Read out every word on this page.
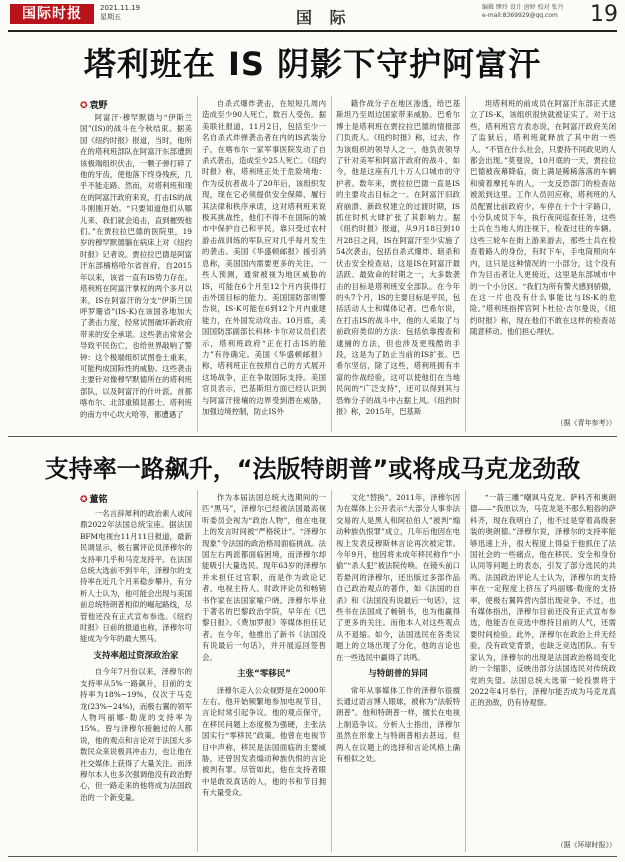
国际时报	2021.11.19
星期五	国 际
编辑 缪玲 设计 唐婷 校对 张丹
e-mail:8369929@qq.com 19
塔利班在 IS 阴影下守护阿富汗
✪ 袁野

阿富汗·穆罕默德与“伊斯兰国”(IS)的战斗在今秋结束。据美国《纽约时报》报道，当时，他所在的塔利班部队在阿富汗东部遭到该极端组织伏击，一颗子弹打碎了他的牙齿，使他落下终身残疾，几乎不能走路。然而，对塔利班和现在的阿富汗政府来说，打击IS的战斗刚刚开始。“只要知道他们从哪儿来，我们就会追击，直到摧毁他们。”在贾拉拉巴德的医院里，19岁的穆罕默德躺在病床上对《纽约时报》记者说。贾拉拉巴德是阿富汗东部楠格哈尔省首府，自2015年以来，该省一直有IS势力存在。塔利班在阿富汗掌权的两个多月以来，IS在阿富汗的分支“伊斯兰国呼罗珊省”(IS-K)在该国各地加大了袭击力度，经常试图破坏新政府带来的安全承诺。这些袭击常常会导致平民伤亡，也给世界敲响了警钟：这个极端组织试图卷土重来，可能构成国际性的威胁。这些袭击主要针对像穆罕默德所在的塔利班部队，以及阿富汗的什叶派。首都喀布尔、北部重镇昆都士、塔利班的南方中心坎大哈等，都遭遇了

自杀式爆炸袭击，在短短几周内造成至少90人死亡，数百人受伤。据美联社报道，11月2日，包括至少一名自杀式炸弹袭击者在内的IS武装分子，在喀布尔一家军事医院发动了自杀式袭击，造成至少25人死亡。《纽约时报》称，塔利班正处于危险境地：作为反抗者战斗了20年后，该组织发现，现在它必须提供安全保障、履行其法律和秩序承诺，这对塔利班来说极其挑战性，他们不得不在国际的城市中保护自己和平民，靠只受过农村游击战训练的军队应对几乎每月发生的袭击。美国《华盛顿邮报》援引消息称，美国国内需要更多的关注，一些人预测，通常被视为地区威胁的IS，可能在6个月至12个月内获得打击外国目标的能力。美国国防部则警告说，IS-K可能在6到12个月内重建能力，在外国发动攻击。10月底，美国国防部副部长科林·卡尔对议员们表示，塔利班政府“正在打击IS的能力”有待确定。美国《华盛顿邮报》称，塔利班正在按照自己的方式展开这场战争，正在争取国际支持。美国官员表示，巴基斯坦方面已经认识到与阿富汗接壤的边界受到潜在威胁，加强边境控制，防止IS外

籍作战分子在地区渗透，给巴基斯坦乃至周边国家带来威胁。巴希尔博士是塔利班在贾拉拉巴德的情报部门负责人。《纽约时报》称，过去，作为该组织的领导人之一，他负责领导了针对美军和阿富汗政府的战斗，如今，他是这座有几十万人口城市的守护者。数年来，贾拉拉巴德一直是IS的主要攻击目标之一。在阿富汗旧政府崩溃、新政权建立的过渡时期，IS抓住时机大肆扩张了其影响力。据《纽约时报》报道，从9月18日到10月28日之间，IS在阿富汗至少实施了54次袭击，包括自杀式爆炸、暗杀和伏击安全检查站，这是IS在阿富汗最活跃、最致命的时期之一，大多数袭击的目标是塔利班安全部队。在今年的头7个月，IS的主要目标是平民，包括活动人士和媒体记者。巴希尔说，在打击IS的战斗中，他的人采取了与前政府类似的方法：包括依靠搜查和逮捕的方法，但也涉及更残酷的手段，这是为了防止当前的IS扩张。巴希尔坚信，除了这些，塔利班拥有丰富的作战经验，这可以使他们在当地民间的“广泛支持”，还可以得到其与恐怖分子的战斗中占据上风。《纽约时报》称，2015年，巴基斯

坦塔利班的前成员在阿富汗东部正式建立了IS-K，该组织很快就被证实了。对于这些，塔利班官方表态说，在阿富汗政府关闭了监狱后，塔利班就释放了其中的一些人。“不管在什么社会，只要持不同政见的人都会出现。”莫曼说，10月底的一天，贾拉拉巴德被夜幕降临，街上满是稀稀落落的车辆和骑着摩托车的人，一支反恐部门的检查站被派到这里。工作人员回应称，塔利班的人员配置比前政府少。车停在十个十字路口，小分队成员下车，执行夜间巡查任务，这些士兵在当地人的注视下，检查过往的车辆。这些三轮车在街上游来游去，那些士兵在检查着路人的身份，有时下车，手电筒照向车内，这只是这种情况的一小部分，这个没有作为目击者让人更接近，这里是东部城市中的一个小分区。“我们为所有警犬感到骄傲，在这一片也没有什么事能比与IS-K的危险。”塔利班指挥官阿卜杜拉·吉尔曼说，《纽约时报》称，现在他们不敢在这样的检查站随意移动。他们担心埋伏。

（据《青年参考》）
支持率一路飙升，“法版特朗普”或将成马克龙劲敌
✪ 董铭

一名言辞犀利的政治素人或问鼎2022年法国总统宝座。据法国BFM电视台11月11日报道，最新民调显示，极右翼评论员泽穆尔的支持率几乎和马克龙持平。在法国总统大选前不到半年，泽穆尔的支持率在近几个月来稳步攀升，有分析人士认为，他可能会出现与美国前总统特朗普相似的崛起路线，尽管他还没有正式宣布参选。《纽约时报》日前的报道也称，泽穆尔可能成为今年的最大黑马。

支持率超过资深政治家

自今年7月份以来，泽穆尔的支持率从5%一路飙升，目前的支持率为18%~19%，仅次于马克龙(23%~24%)，而极右翼的领军人物玛丽娜·勒庞的支持率为15%。曾与泽穆尔接触过的人都说，他的观点和言论对于法国大多数民众来说极具冲击力，也让他在社交媒体上获得了大量关注。而泽穆尔本人也多次强调他没有政治野心，但一路走来的他将成为法国政治的一个新变量。

作为本届法国总统大选期间的一匹“黑马”，泽穆尔已经被法国最高视听委员会视为“政治人物”，他在电视上的发言时间被“严格统计”。“泽穆尔现象”令法国的政治格局面临挑战。法国左右两派都面临困境，而泽穆尔却能吸引大量选民。现年63岁的泽穆尔并未担任过官职，而是作为政论记者、电视主持人、时政评论员和畅销书作家在法国家喻户晓。泽穆尔毕业于著名的巴黎政治学院，早年在《巴黎日报》、《费加罗报》等媒体担任记者。在今年，他推出了新书《法国没有说最后一句话》，并开展巡回签售会。

主张“零移民”

泽穆尔走入公众视野是在2000年左右。他开始频繁地参加电视节目，言论时常引起争议。他的观点保守，在移民问题上态度极为强硬，主张法国实行“零移民”政策。他曾在电视节目中声称，移民是法国面临的主要威胁，还曾因发表煽动种族仇恨的言论被判有罪。尽管如此，他在支持者眼中是敢说真话的人，他的书和节目拥有大量受众。

文化“替换”。2011年，泽穆尔因为在媒体上公开表示“大部分人事非法交易的人是黑人和阿拉伯人”被判“煽动种族仇恨罪”成立，几年后他因在电视上发表反穆斯林言论再次被定罪。今年9月，他因将未成年移民称作“小偷”“杀人犯”被法院传唤。在镜头前口若悬河的泽穆尔，还出版过多部作品自己政治观点的著作，如《法国的自杀》和《法国没有说最后一句话》，这些书在法国成了畅销书，也为他赢得了更多的关注。而他本人对这些观点从不退缩。如今，法国选民在各类议题上的立场出现了分化，他的言论也在一些选民中赢得了共鸣。

与特朗普的异同

常年从事媒体工作的泽穆尔很擅长通过语言博人眼球，被称为“法版特朗普”。他和特朗普一样，擅长在电视上制造争议。分析人士指出，泽穆尔虽然在形象上与特朗普相去甚远，但两人在议题上的选择和言论风格上确有相似之处。

“一箭三雕”嘲讽马克龙、萨科齐和奥朗德——“我原以为，马克龙是不那么粗俗的萨科齐，现在我明白了，他不过是穿着高级套装的奥朗德。”泽穆尔说，泽穆尔的支持率能够迅速上升，很大程度上得益于他抓住了法国社会的一些痛点。他在移民、安全和身份认同等问题上的表态，引发了部分选民的共鸣。法国政治评论人士认为，泽穆尔的支持率在一定程度上挤压了玛丽娜·勒庞的支持率，使极右翼阵营内部出现竞争。不过，也有媒体指出，泽穆尔目前还没有正式宣布参选，他能否在竞选中维持目前的人气，还需要时间检验。此外，泽穆尔在政治上并无经验，没有政党背景，也缺乏竞选团队。有专家认为，泽穆尔的出现是法国政治格局变化的一个缩影，反映出部分法国选民对传统政党的失望。法国总统大选第一轮投票将于2022年4月举行，泽穆尔能否成为马克龙真正的劲敌，仍有待观察。

（据《环球时报》）
